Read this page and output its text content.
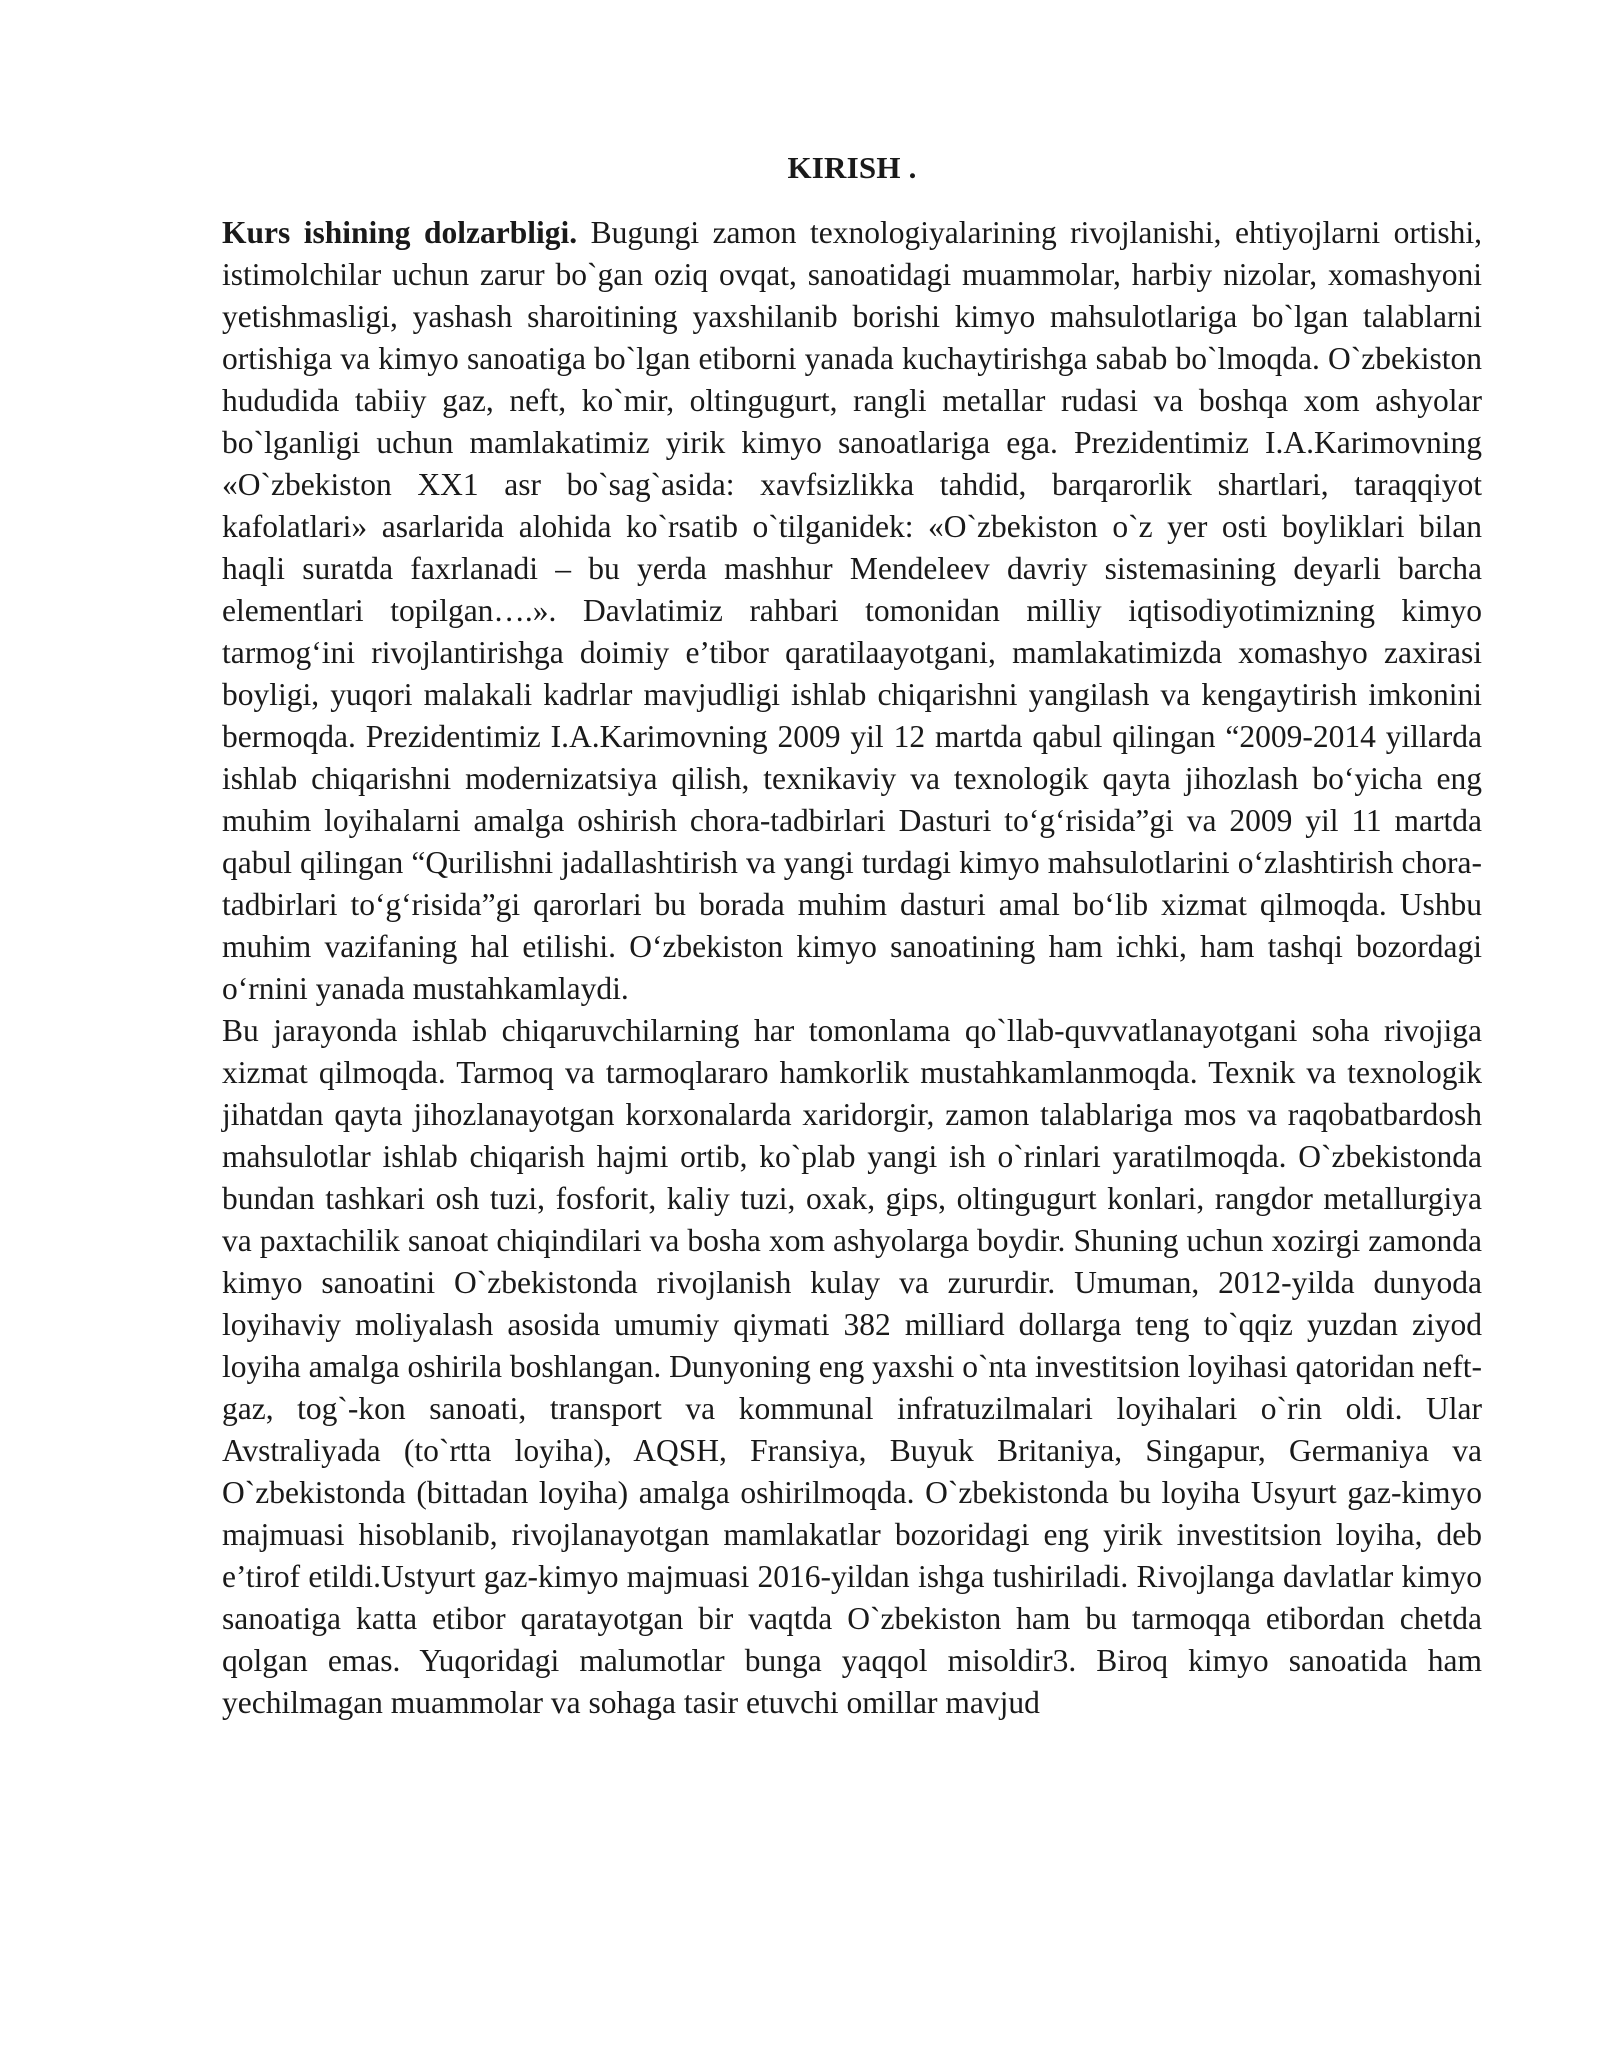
KIRISH .

Kurs ishining dolzarbligi. Bugungi zamon texnologiyalarining rivojlanishi, ehtiyojlarni ortishi, istimolchilar uchun zarur bo`gan oziq ovqat, sanoatidagi muammolar, harbiy nizolar, xomashyoni yetishmasligi, yashash sharoitining yaxshilanib borishi kimyo mahsulotlariga bo`lgan talablarni ortishiga va kimyo sanoatiga bo`lgan etiborni yanada kuchaytirishga sabab bo`lmoqda. O`zbekiston hududida tabiiy gaz, neft, ko`mir, oltingugurt, rangli metallar rudasi va boshqa xom ashyolar bo`lganligi uchun mamlakatimiz yirik kimyo sanoatlariga ega. Prezidentimiz I.A.Karimovning «O`zbekiston XX1 asr bo`sag`asida: xavfsizlikka tahdid, barqarorlik shartlari, taraqqiyot kafolatlari» asarlarida alohida ko`rsatib o`tilganidek: «O`zbekiston o`z yer osti boyliklari bilan haqli suratda faxrlanadi – bu yerda mashhur Mendeleev davriy sistemasining deyarli barcha elementlari topilgan….». Davlatimiz rahbari tomonidan milliy iqtisodiyotimizning kimyo tarmog‘ini rivojlantirishga doimiy e’tibor qaratilaayotgani, mamlakatimizda xomashyo zaxirasi boyligi, yuqori malakali kadrlar mavjudligi ishlab chiqarishni yangilash va kengaytirish imkonini bermoqda. Prezidentimiz I.A.Karimovning 2009 yil 12 martda qabul qilingan “2009-2014 yillarda ishlab chiqarishni modernizatsiya qilish, texnikaviy va texnologik qayta jihozlash bo‘yicha eng muhim loyihalarni amalga oshirish chora-tadbirlari Dasturi to‘g‘risida”gi va 2009 yil 11 martda qabul qilingan “Qurilishni jadallashtirish va yangi turdagi kimyo mahsulotlarini o‘zlashtirish chora-tadbirlari to‘g‘risida”gi qarorlari bu borada muhim dasturi amal bo‘lib xizmat qilmoqda. Ushbu muhim vazifaning hal etilishi. O‘zbekiston kimyo sanoatining ham ichki, ham tashqi bozordagi o‘rnini yanada mustahkamlaydi.

Bu jarayonda ishlab chiqaruvchilarning har tomonlama qo`llab-quvvatlanayotgani soha rivojiga xizmat qilmoqda. Tarmoq va tarmoqlararo hamkorlik mustahkamlanmoqda. Texnik va texnologik jihatdan qayta jihozlanayotgan korxonalarda xaridorgir, zamon talablariga mos va raqobatbardosh mahsulotlar ishlab chiqarish hajmi ortib, ko`plab yangi ish o`rinlari yaratilmoqda. O`zbekistonda bundan tashkari osh tuzi, fosforit, kaliy tuzi, oxak, gips, oltingugurt konlari, rangdor metallurgiya va paxtachilik sanoat chiqindilari va bosha xom ashyolarga boydir. Shuning uchun xozirgi zamonda kimyo sanoatini O`zbekistonda rivojlanish kulay va zururdir. Umuman, 2012-yilda dunyoda loyihaviy moliyalash asosida umumiy qiymati 382 milliard dollarga teng to`qqiz yuzdan ziyod loyiha amalga oshirila boshlangan. Dunyoning eng yaxshi o`nta investitsion loyihasi qatoridan neft-gaz, tog`-kon sanoati, transport va kommunal infratuzilmalari loyihalari o`rin oldi. Ular Avstraliyada (to`rtta loyiha), AQSH, Fransiya, Buyuk Britaniya, Singapur, Germaniya va O`zbekistonda (bittadan loyiha) amalga oshirilmoqda. O`zbekistonda bu loyiha Usyurt gaz-kimyo majmuasi hisoblanib, rivojlanayotgan mamlakatlar bozoridagi eng yirik investitsion loyiha, deb e’tirof etildi.Ustyurt gaz-kimyo majmuasi 2016-yildan ishga tushiriladi. Rivojlanga davlatlar kimyo sanoatiga katta etibor qaratayotgan bir vaqtda O`zbekiston ham bu tarmoqqa etibordan chetda qolgan emas. Yuqoridagi malumotlar bunga yaqqol misoldir3. Biroq kimyo sanoatida ham yechilmagan muammolar va sohaga tasir etuvchi omillar mavjud
